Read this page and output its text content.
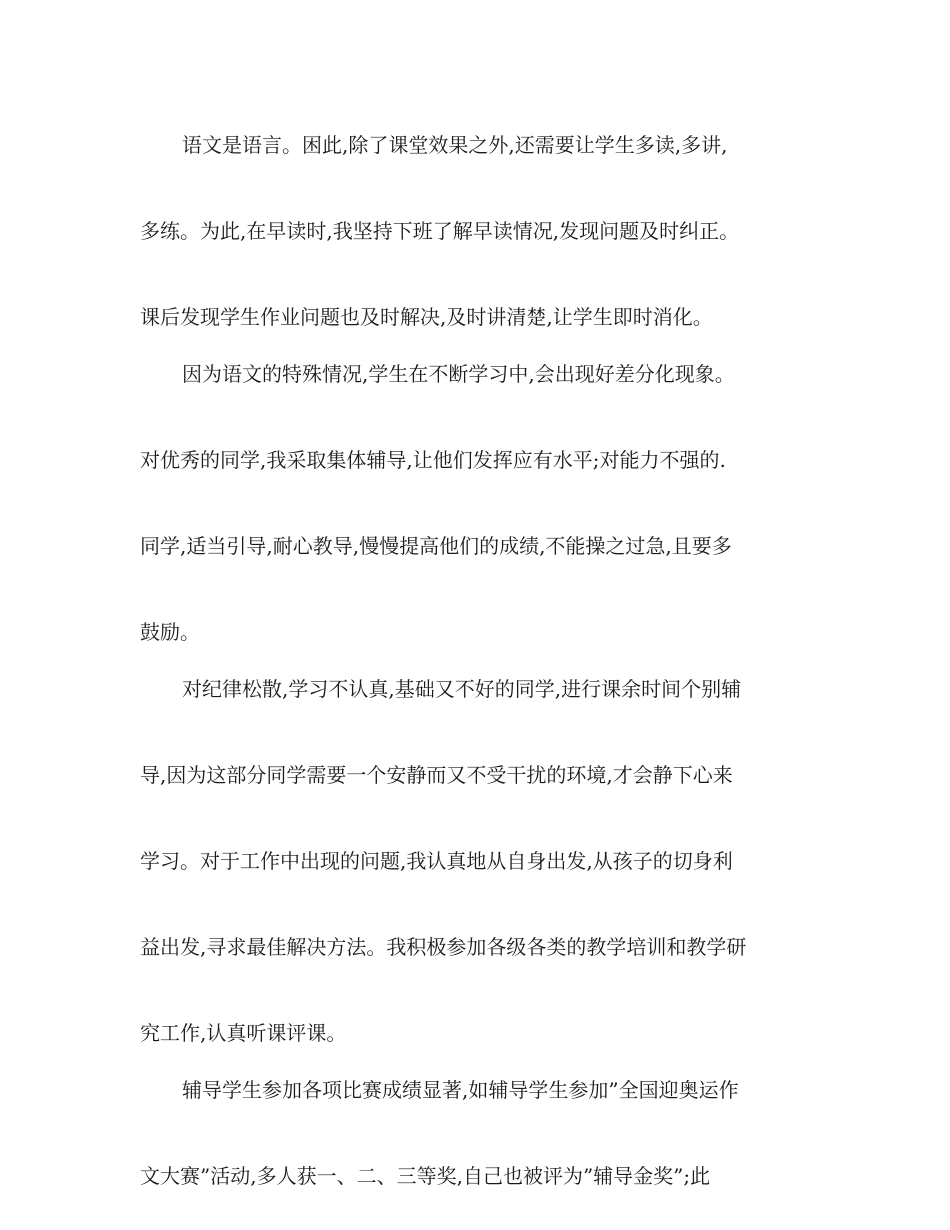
语文是语言。困此,除了课堂效果之外,还需要让学生多读,多讲,
多练。为此,在早读时,我坚持下班了解早读情况,发现问题及时纠正。
课后发现学生作业问题也及时解决,及时讲清楚,让学生即时消化。
因为语文的特殊情况,学生在不断学习中,会出现好差分化现象。
对优秀的同学,我采取集体辅导,让他们发挥应有水平;对能力不强的.
同学,适当引导,耐心教导,慢慢提高他们的成绩,不能操之过急,且要多
鼓励。
对纪律松散,学习不认真,基础又不好的同学,进行课余时间个别辅
导,因为这部分同学需要一个安静而又不受干扰的环境,才会静下心来
学习。对于工作中出现的问题,我认真地从自身出发,从孩子的切身利
益出发,寻求最佳解决方法。我积极参加各级各类的教学培训和教学研
究工作,认真听课评课。
辅导学生参加各项比赛成绩显著,如辅导学生参加”全国迎奥运作
文大赛”活动,多人获一、二、三等奖,自己也被评为”辅导金奖”;此
